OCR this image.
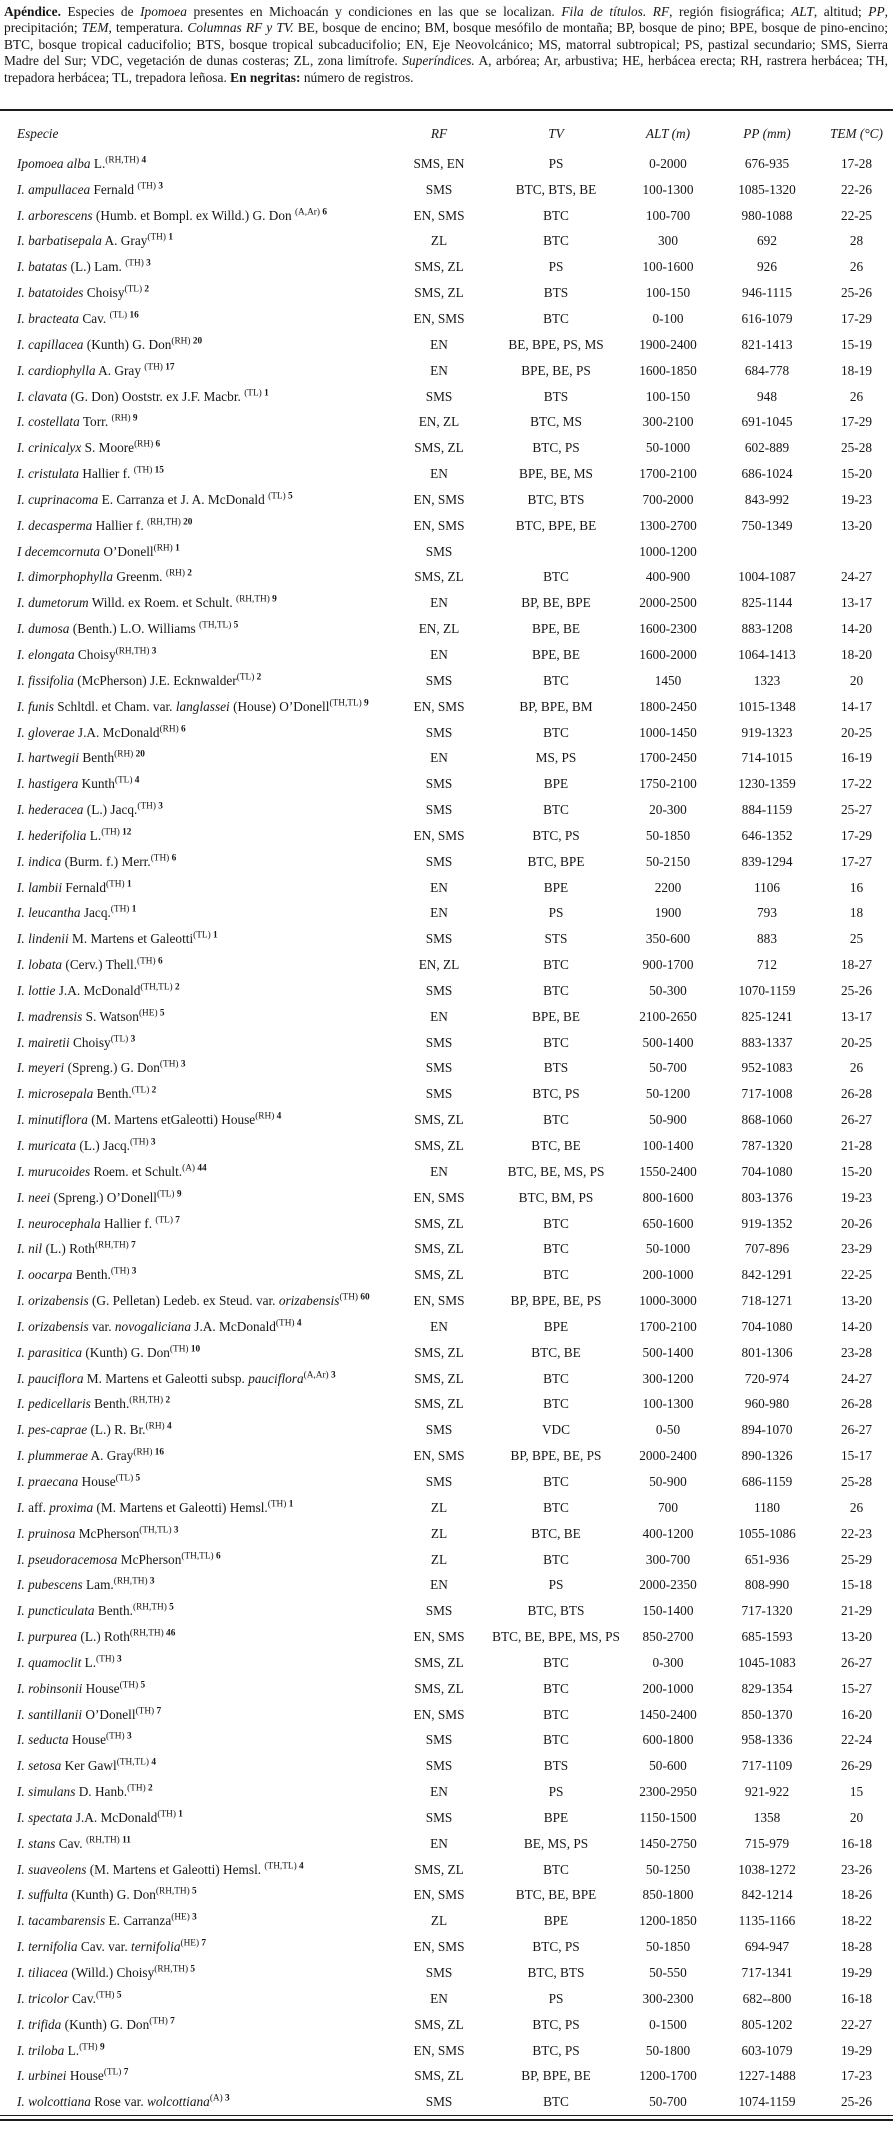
Apéndice. Especies de Ipomoea presentes en Michoacán y condiciones en las que se localizan. Fila de títulos. RF, región fisiográfica; ALT, altitud; PP, precipitación; TEM, temperatura. Columnas RF y TV. BE, bosque de encino; BM, bosque mesófilo de montaña; BP, bosque de pino; BPE, bosque de pino-encino; BTC, bosque tropical caducifolio; BTS, bosque tropical subcaducifolio; EN, Eje Neovolcánico; MS, matorral subtropical; PS, pastizal secundario; SMS, Sierra Madre del Sur; VDC, vegetación de dunas costeras; ZL, zona limítrofe. Superíndices. A, arbórea; Ar, arbustiva; HE, herbácea erecta; RH, rastrera herbácea; TH, trepadora herbácea; TL, trepadora leñosa. En negritas: número de registros.

Especie	RF	TV	ALT (m)	PP (mm)	TEM (°C)
Ipomoea alba L.$^{(RH,TH) 4}$	SMS, EN	PS	0-2000	676-935	17-28
I. ampullacea Fernald $^{(TH) 3}$	SMS	BTC, BTS, BE	100-1300	1085-1320	22-26
I. arborescens (Humb. et Bompl. ex Willd.) G. Don $^{(A,Ar) 6}$	EN, SMS	BTC	100-700	980-1088	22-25
I. barbatisepala A. Gray$^{(TH) 1}$	ZL	BTC	300	692	28
I. batatas (L.) Lam. $^{(TH) 3}$	SMS, ZL	PS	100-1600	926	26
I. batatoides Choisy$^{(TL) 2}$	SMS, ZL	BTS	100-150	946-1115	25-26
I. bracteata Cav. $^{(TL) 16}$	EN, SMS	BTC	0-100	616-1079	17-29
I. capillacea (Kunth) G. Don$^{(RH) 20}$	EN	BE, BPE, PS, MS	1900-2400	821-1413	15-19
I. cardiophylla A. Gray $^{(TH) 17}$	EN	BPE, BE, PS	1600-1850	684-778	18-19
I. clavata (G. Don) Ooststr. ex J.F. Macbr. $^{(TL) 1}$	SMS	BTS	100-150	948	26
I. costellata Torr. $^{(RH) 9}$	EN, ZL	BTC, MS	300-2100	691-1045	17-29
I. crinicalyx S. Moore$^{(RH) 6}$	SMS, ZL	BTC, PS	50-1000	602-889	25-28
I. cristulata Hallier f. $^{(TH) 15}$	EN	BPE, BE, MS	1700-2100	686-1024	15-20
I. cuprinacoma E. Carranza et J. A. McDonald $^{(TL) 5}$	EN, SMS	BTC, BTS	700-2000	843-992	19-23
I. decasperma Hallier f. $^{(RH,TH) 20}$	EN, SMS	BTC, BPE, BE	1300-2700	750-1349	13-20
I decemcornuta O’Donell$^{(RH) 1}$	SMS		1000-1200		
I. dimorphophylla Greenm. $^{(RH) 2}$	SMS, ZL	BTC	400-900	1004-1087	24-27
I. dumetorum Willd. ex Roem. et Schult. $^{(RH,TH) 9}$	EN	BP, BE, BPE	2000-2500	825-1144	13-17
I. dumosa (Benth.) L.O. Williams $^{(TH,TL) 5}$	EN, ZL	BPE, BE	1600-2300	883-1208	14-20
I. elongata Choisy$^{(RH,TH) 3}$	EN	BPE, BE	1600-2000	1064-1413	18-20
I. fissifolia (McPherson) J.E. Ecknwalder$^{(TL) 2}$	SMS	BTC	1450	1323	20
I. funis Schltdl. et Cham. var. langlassei (House) O’Donell$^{(TH,TL) 9}$	EN, SMS	BP, BPE, BM	1800-2450	1015-1348	14-17
I. gloverae J.A. McDonald$^{(RH) 6}$	SMS	BTC	1000-1450	919-1323	20-25
I. hartwegii Benth$^{(RH) 20}$	EN	MS, PS	1700-2450	714-1015	16-19
I. hastigera Kunth$^{(TL) 4}$	SMS	BPE	1750-2100	1230-1359	17-22
I. hederacea (L.) Jacq.$^{(TH) 3}$	SMS	BTC	20-300	884-1159	25-27
I. hederifolia L.$^{(TH) 12}$	EN, SMS	BTC, PS	50-1850	646-1352	17-29
I. indica (Burm. f.) Merr.$^{(TH) 6}$	SMS	BTC, BPE	50-2150	839-1294	17-27
I. lambii Fernald$^{(TH) 1}$	EN	BPE	2200	1106	16
I. leucantha Jacq.$^{(TH) 1}$	EN	PS	1900	793	18
I. lindenii M. Martens et Galeotti$^{(TL) 1}$	SMS	STS	350-600	883	25
I. lobata (Cerv.) Thell.$^{(TH) 6}$	EN, ZL	BTC	900-1700	712	18-27
I. lottie J.A. McDonald$^{(TH,TL) 2}$	SMS	BTC	50-300	1070-1159	25-26
I. madrensis S. Watson$^{(HE) 5}$	EN	BPE, BE	2100-2650	825-1241	13-17
I. mairetii Choisy$^{(TL) 3}$	SMS	BTC	500-1400	883-1337	20-25
I. meyeri (Spreng.) G. Don$^{(TH) 3}$	SMS	BTS	50-700	952-1083	26
I. microsepala Benth.$^{(TL) 2}$	SMS	BTC, PS	50-1200	717-1008	26-28
I. minutiflora (M. Martens etGaleotti) House$^{(RH) 4}$	SMS, ZL	BTC	50-900	868-1060	26-27
I. muricata (L.) Jacq.$^{(TH) 3}$	SMS, ZL	BTC, BE	100-1400	787-1320	21-28
I. murucoides Roem. et Schult.$^{(A) 44}$	EN	BTC, BE, MS, PS	1550-2400	704-1080	15-20
I. neei (Spreng.) O’Donell$^{(TL) 9}$	EN, SMS	BTC, BM, PS	800-1600	803-1376	19-23
I. neurocephala Hallier f. $^{(TL) 7}$	SMS, ZL	BTC	650-1600	919-1352	20-26
I. nil (L.) Roth$^{(RH,TH) 7}$	SMS, ZL	BTC	50-1000	707-896	23-29
I. oocarpa Benth.$^{(TH) 3}$	SMS, ZL	BTC	200-1000	842-1291	22-25
I. orizabensis (G. Pelletan) Ledeb. ex Steud. var. orizabensis$^{(TH) 60}$	EN, SMS	BP, BPE, BE, PS	1000-3000	718-1271	13-20
I. orizabensis var. novogaliciana J.A. McDonald$^{(TH) 4}$	EN	BPE	1700-2100	704-1080	14-20
I. parasitica (Kunth) G. Don$^{(TH) 10}$	SMS, ZL	BTC, BE	500-1400	801-1306	23-28
I. pauciflora M. Martens et Galeotti subsp. pauciflora$^{(A,Ar) 3}$	SMS, ZL	BTC	300-1200	720-974	24-27
I. pedicellaris Benth.$^{(RH,TH) 2}$	SMS, ZL	BTC	100-1300	960-980	26-28
I. pes-caprae (L.) R. Br.$^{(RH) 4}$	SMS	VDC	0-50	894-1070	26-27
I. plummerae A. Gray$^{(RH) 16}$	EN, SMS	BP, BPE, BE, PS	2000-2400	890-1326	15-17
I. praecana House$^{(TL) 5}$	SMS	BTC	50-900	686-1159	25-28
I. aff. proxima (M. Martens et Galeotti) Hemsl.$^{(TH) 1}$	ZL	BTC	700	1180	26
I. pruinosa McPherson$^{(TH,TL) 3}$	ZL	BTC, BE	400-1200	1055-1086	22-23
I. pseudoracemosa McPherson$^{(TH,TL) 6}$	ZL	BTC	300-700	651-936	25-29
I. pubescens Lam.$^{(RH,TH) 3}$	EN	PS	2000-2350	808-990	15-18
I. puncticulata Benth.$^{(RH,TH) 5}$	SMS	BTC, BTS	150-1400	717-1320	21-29
I. purpurea (L.) Roth$^{(RH,TH) 46}$	EN, SMS	BTC, BE, BPE, MS, PS	850-2700	685-1593	13-20
I. quamoclit L.$^{(TH) 3}$	SMS, ZL	BTC	0-300	1045-1083	26-27
I. robinsonii House$^{(TH) 5}$	SMS, ZL	BTC	200-1000	829-1354	15-27
I. santillanii O’Donell$^{(TH) 7}$	EN, SMS	BTC	1450-2400	850-1370	16-20
I. seducta House$^{(TH) 3}$	SMS	BTC	600-1800	958-1336	22-24
I. setosa Ker Gawl$^{(TH,TL) 4}$	SMS	BTS	50-600	717-1109	26-29
I. simulans D. Hanb.$^{(TH) 2}$	EN	PS	2300-2950	921-922	15
I. spectata J.A. McDonald$^{(TH) 1}$	SMS	BPE	1150-1500	1358	20
I. stans Cav. $^{(RH,TH) 11}$	EN	BE, MS, PS	1450-2750	715-979	16-18
I. suaveolens (M. Martens et Galeotti) Hemsl. $^{(TH,TL) 4}$	SMS, ZL	BTC	50-1250	1038-1272	23-26
I. suffulta (Kunth) G. Don$^{(RH,TH) 5}$	EN, SMS	BTC, BE, BPE	850-1800	842-1214	18-26
I. tacambarensis E. Carranza$^{(HE) 3}$	ZL	BPE	1200-1850	1135-1166	18-22
I. ternifolia Cav. var. ternifolia$^{(HE) 7}$	EN, SMS	BTC, PS	50-1850	694-947	18-28
I. tiliacea (Willd.) Choisy$^{(RH,TH) 5}$	SMS	BTC, BTS	50-550	717-1341	19-29
I. tricolor Cav.$^{(TH) 5}$	EN	PS	300-2300	682--800	16-18
I. trifida (Kunth) G. Don$^{(TH) 7}$	SMS, ZL	BTC, PS	0-1500	805-1202	22-27
I. triloba L.$^{(TH) 9}$	EN, SMS	BTC, PS	50-1800	603-1079	19-29
I. urbinei House$^{(TL) 7}$	SMS, ZL	BP, BPE, BE	1200-1700	1227-1488	17-23
I. wolcottiana Rose var. wolcottiana$^{(A) 3}$	SMS	BTC	50-700	1074-1159	25-26
